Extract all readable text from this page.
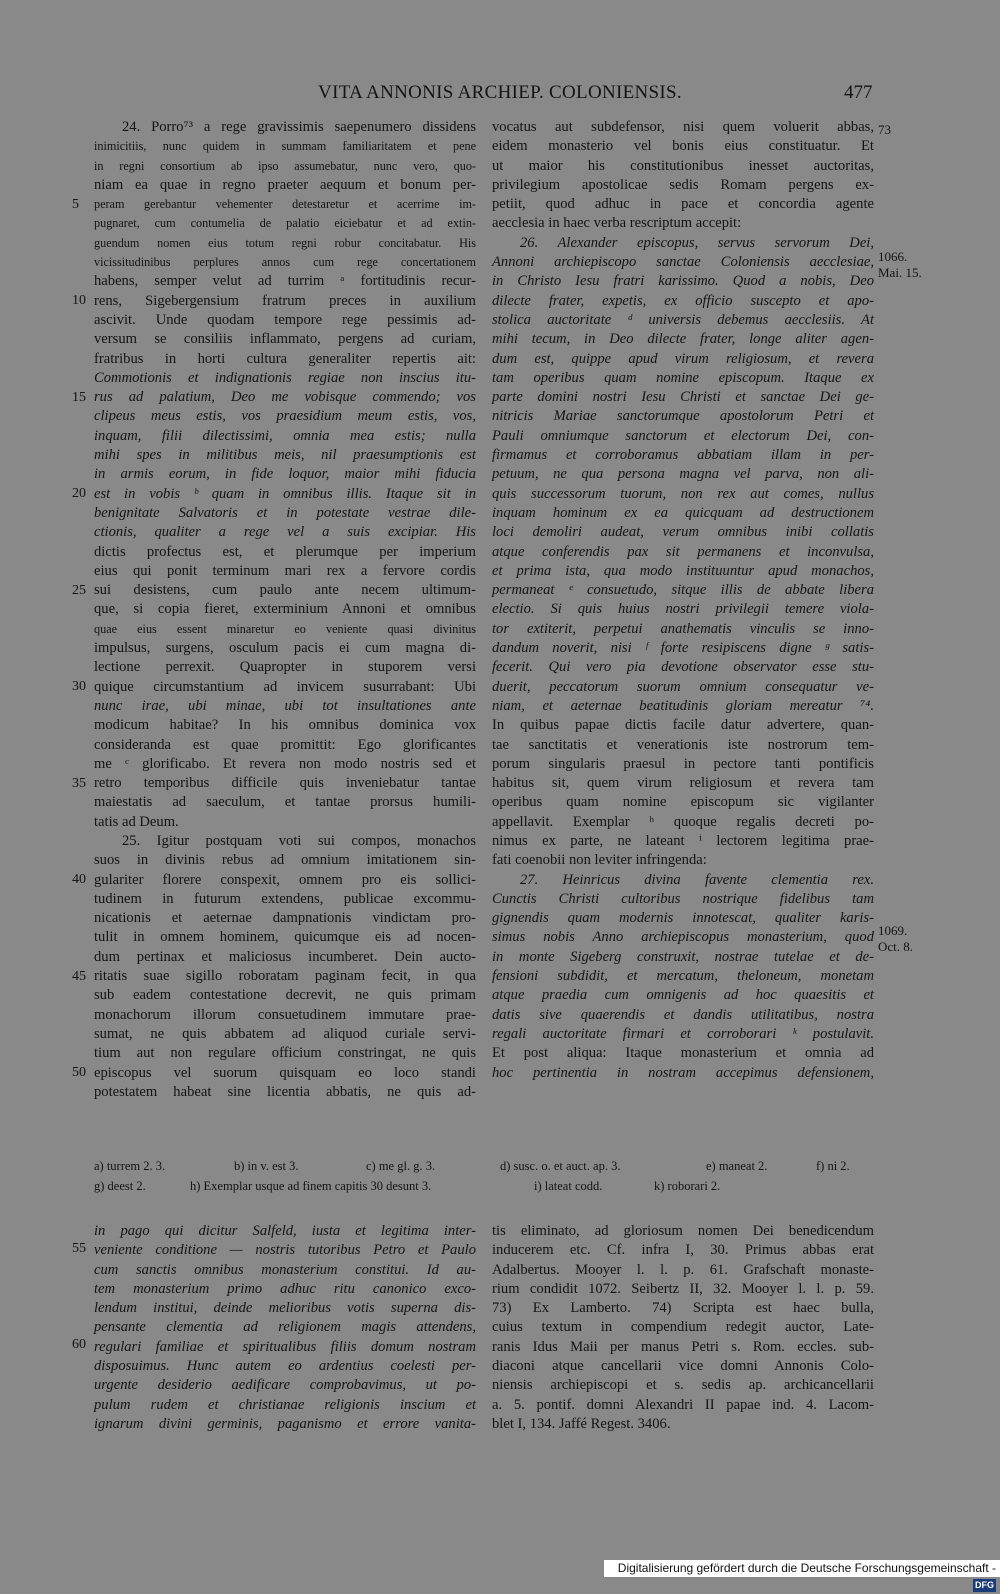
VITA ANNONIS ARCHIEP. COLONIENSIS.	477
24. Porro⁷³ a rege gravissimis saepenumero dissidens
inimicitiis, nunc quidem in summam familiaritatem et pene
in regni consortium ab ipso assumebatur, nunc vero, quo-
niam ea quae in regno praeter aequum et bonum per-
peram gerebantur vehementer detestaretur et acerrime im-
pugnaret, cum contumelia de palatio eiciebatur et ad extin-
guendum nomen eius totum regni robur concitabatur. His
vicissitudinibus perplures annos cum rege concertationem
habens, semper velut ad turrim ᵃ fortitudinis recur-
rens, Sigebergensium fratrum preces in auxilium
ascivit. Unde quodam tempore rege pessimis ad-
versum se consiliis inflammato, pergens ad curiam,
fratribus in horti cultura generaliter repertis ait:
Commotionis et indignationis regiae non inscius itu-
rus ad palatium, Deo me vobisque commendo; vos
clipeus meus estis, vos praesidium meum estis, vos,
inquam, filii dilectissimi, omnia mea estis; nulla
mihi spes in militibus meis, nil praesumptionis est
in armis eorum, in fide loquor, maior mihi fiducia
est in vobis ᵇ quam in omnibus illis. Itaque sit in
benignitate Salvatoris et in potestate vestrae dile-
ctionis, qualiter a rege vel a suis excipiar. His
dictis profectus est, et plerumque per imperium
eius qui ponit terminum mari rex a fervore cordis
sui desistens, cum paulo ante necem ultimum-
que, si copia fieret, exterminium Annoni et omnibus
quae eius essent minaretur eo veniente quasi divinitus
impulsus, surgens, osculum pacis ei cum magna di-
lectione perrexit. Quapropter in stuporem versi
quique circumstantium ad invicem susurrabant: Ubi
nunc irae, ubi minae, ubi tot insultationes ante
modicum habitae? In his omnibus dominica vox
consideranda est quae promittit: Ego glorificantes
me ᶜ glorificabo. Et revera non modo nostris sed et
retro temporibus difficile quis inveniebatur tantae
maiestatis ad saeculum, et tantae prorsus humili-
tatis ad Deum.
25. Igitur postquam voti sui compos, monachos
suos in divinis rebus ad omnium imitationem sin-
gulariter florere conspexit, omnem pro eis sollici-
tudinem in futurum extendens, publicae excommu-
nicationis et aeternae dampnationis vindictam pro-
tulit in omnem hominem, quicumque eis ad nocen-
dum pertinax et maliciosus incumberet. Dein aucto-
ritatis suae sigillo roboratam paginam fecit, in qua
sub eadem contestatione decrevit, ne quis primam
monachorum illorum consuetudinem immutare prae-
sumat, ne quis abbatem ad aliquod curiale servi-
tium aut non regulare officium constringat, ne quis
episcopus vel suorum quisquam eo loco standi
potestatem habeat sine licentia abbatis, ne quis ad-
vocatus aut subdefensor, nisi quem voluerit abbas,
eidem monasterio vel bonis eius constituatur. Et
ut maior his constitutionibus inesset auctoritas,
privilegium apostolicae sedis Romam pergens ex-
petiit, quod adhuc in pace et concordia agente
aecclesia in haec verba rescriptum accepit:
26. Alexander episcopus, servus servorum Dei,
Annoni archiepiscopo sanctae Coloniensis aecclesiae,
in Christo Iesu fratri karissimo. Quod a nobis, Deo
dilecte frater, expetis, ex officio suscepto et apo-
stolica auctoritate ᵈ universis debemus aecclesiis. At
mihi tecum, in Deo dilecte frater, longe aliter agen-
dum est, quippe apud virum religiosum, et revera
tam operibus quam nomine episcopum. Itaque ex
parte domini nostri Iesu Christi et sanctae Dei ge-
nitricis Mariae sanctorumque apostolorum Petri et
Pauli omniumque sanctorum et electorum Dei, con-
firmamus et corroboramus abbatiam illam in per-
petuum, ne qua persona magna vel parva, non ali-
quis successorum tuorum, non rex aut comes, nullus
inquam hominum ex ea quicquam ad destructionem
loci demoliri audeat, verum omnibus inibi collatis
atque conferendis pax sit permanens et inconvulsa,
et prima ista, qua modo instituuntur apud monachos,
permaneat ᵉ consuetudo, sitque illis de abbate libera
electio. Si quis huius nostri privilegii temere viola-
tor extiterit, perpetui anathematis vinculis se inno-
dandum noverit, nisi ᶠ forte resipiscens digne ᵍ satis-
fecerit. Qui vero pia devotione observator esse stu-
duerit, peccatorum suorum omnium consequatur ve-
niam, et aeternae beatitudinis gloriam mereatur ⁷⁴.
In quibus papae dictis facile datur advertere, quan-
tae sanctitatis et venerationis iste nostrorum tem-
porum singularis praesul in pectore tanti pontificis
habitus sit, quem virum religiosum et revera tam
operibus quam nomine episcopum sic vigilanter
appellavit. Exemplar ʰ quoque regalis decreti po-
nimus ex parte, ne lateant ⁱ lectorem legitima prae-
fati coenobii non leviter infringenda:
27. Heinricus divina favente clementia rex.
Cunctis Christi cultoribus nostrique fidelibus tam
gignendis quam modernis innotescat, qualiter karis-
simus nobis Anno archiepiscopus monasterium, quod
in monte Sigeberg construxit, nostrae tutelae et de-
fensioni subdidit, et mercatum, theloneum, monetam
atque praedia cum omnigenis ad hoc quaesitis et
datis sive quaerendis et dandis utilitatibus, nostra
regali auctoritate firmari et corroborari ᵏ postulavit.
Et post aliqua: Itaque monasterium et omnia ad
hoc pertinentia in nostram accepimus defensionem,
5
10
15
20
25
30
35
40
45
50
73
1066.
Mai. 15.
1069.
Oct. 8.
a) turrem 2. 3.	b) in v. est 3.	c) me gl. g. 3.	d) susc. o. et auct. ap. 3.	e) maneat 2.	f) ni 2.
g) deest 2.	h) Exemplar usque ad finem capitis 30 desunt 3.	i) lateat codd.	k) roborari 2.
in pago qui dicitur Salfeld, iusta et legitima inter-
veniente conditione — nostris tutoribus Petro et Paulo
cum sanctis omnibus monasterium constitui. Id au-
tem monasterium primo adhuc ritu canonico exco-
lendum institui, deinde melioribus votis superna dis-
pensante clementia ad religionem magis attendens,
regulari familiae et spiritualibus filiis domum nostram
disposuimus. Hunc autem eo ardentius coelesti per-
urgente desiderio aedificare comprobavimus, ut po-
pulum rudem et christianae religionis inscium et
ignarum divini germinis, paganismo et errore vanita-
55
60
tis eliminato, ad gloriosum nomen Dei benedicendum
inducerem etc. Cf. infra I, 30. Primus abbas erat
Adalbertus. Mooyer l. l. p. 61. Grafschaft monaste-
rium condidit 1072. Seibertz II, 32. Mooyer l. l. p. 59.
73) Ex Lamberto. 74) Scripta est haec bulla,
cuius textum in compendium redegit auctor, Late-
ranis Idus Maii per manus Petri s. Rom. eccles. sub-
diaconi atque cancellarii vice domni Annonis Colo-
niensis archiepiscopi et s. sedis ap. archicancellarii
a. 5. pontif. domni Alexandri II papae ind. 4. Lacom-
blet I, 134. Jaffé Regest. 3406.
Digitalisierung gefördert durch die Deutsche Forschungsgemeinschaft -DFG
